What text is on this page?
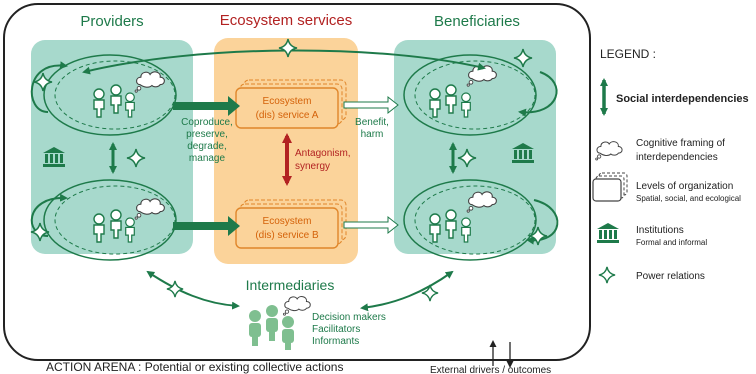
Providers	Ecosystem services	Beneficiaries
Ecosystem
(dis) service A
Ecosystem
(dis) service B
Antagonism,
synergy
Coproduce,
preserve,
degrade,
manage
Benefit,
harm
Intermediaries
Decision makers
Facilitators
Informants
ACTION ARENA : Potential or existing collective actions	External drivers / outcomes
LEGEND :
Social interdependencies
Cognitive framing of
interdependencies
Levels of organization
Spatial, social, and ecological
Institutions
Formal and informal
Power relations
